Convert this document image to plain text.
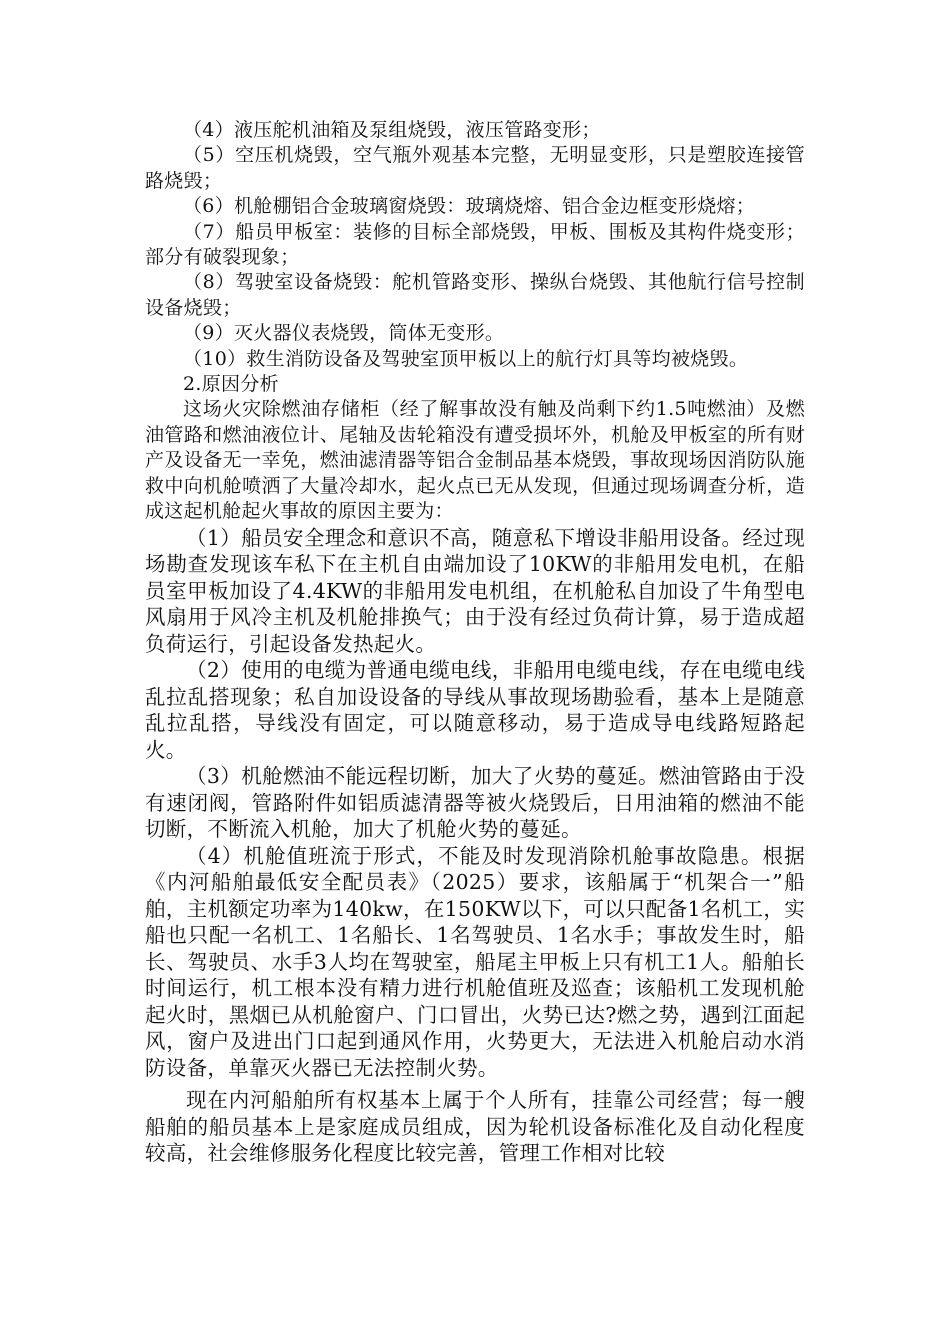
（4）液压舵机油箱及泵组烧毁，液压管路变形；

（5）空压机烧毁，空气瓶外观基本完整，无明显变形，只是塑胶连接管路烧毁；

（6）机舱棚铝合金玻璃窗烧毁：玻璃烧熔、铝合金边框变形烧熔；

（7）船员甲板室：装修的目标全部烧毁，甲板、围板及其构件烧变形；部分有破裂现象；

（8）驾驶室设备烧毁：舵机管路变形、操纵台烧毁、其他航行信号控制设备烧毁；

（9）灭火器仪表烧毁，筒体无变形。

（10）救生消防设备及驾驶室顶甲板以上的航行灯具等均被烧毁。

2.原因分析

这场火灾除燃油存储柜（经了解事故没有触及尚剩下约1.5吨燃油）及燃油管路和燃油液位计、尾轴及齿轮箱没有遭受损坏外，机舱及甲板室的所有财产及设备无一幸免，燃油滤清器等铝合金制品基本烧毁，事故现场因消防队施救中向机舱喷洒了大量冷却水，起火点已无从发现，但通过现场调查分析，造成这起机舱起火事故的原因主要为：

（1）船员安全理念和意识不高，随意私下增设非船用设备。经过现场勘查发现该车私下在主机自由端加设了10KW的非船用发电机，在船员室甲板加设了4.4KW的非船用发电机组，在机舱私自加设了牛角型电风扇用于风冷主机及机舱排换气；由于没有经过负荷计算，易于造成超负荷运行，引起设备发热起火。

（2）使用的电缆为普通电缆电线，非船用电缆电线，存在电缆电线乱拉乱搭现象；私自加设设备的导线从事故现场勘验看，基本上是随意乱拉乱搭，导线没有固定，可以随意移动，易于造成导电线路短路起火。

（3）机舱燃油不能远程切断，加大了火势的蔓延。燃油管路由于没有速闭阀，管路附件如铝质滤清器等被火烧毁后，日用油箱的燃油不能切断，不断流入机舱，加大了机舱火势的蔓延。

（4）机舱值班流于形式，不能及时发现消除机舱事故隐患。根据《内河船舶最低安全配员表》（2025）要求，该船属于“机架合一”船舶，主机额定功率为140kw，在150KW以下，可以只配备1名机工，实船也只配一名机工、1名船长、1名驾驶员、1名水手；事故发生时，船长、驾驶员、水手3人均在驾驶室，船尾主甲板上只有机工1人。船舶长时间运行，机工根本没有精力进行机舱值班及巡查；该船机工发现机舱起火时，黑烟已从机舱窗户、门口冒出，火势已达?燃之势，遇到江面起风，窗户及进出门口起到通风作用，火势更大，无法进入机舱启动水消防设备，单靠灭火器已无法控制火势。

现在内河船舶所有权基本上属于个人所有，挂靠公司经营；每一艘船舶的船员基本上是家庭成员组成，因为轮机设备标准化及自动化程度较高，社会维修服务化程度比较完善，管理工作相对比较
